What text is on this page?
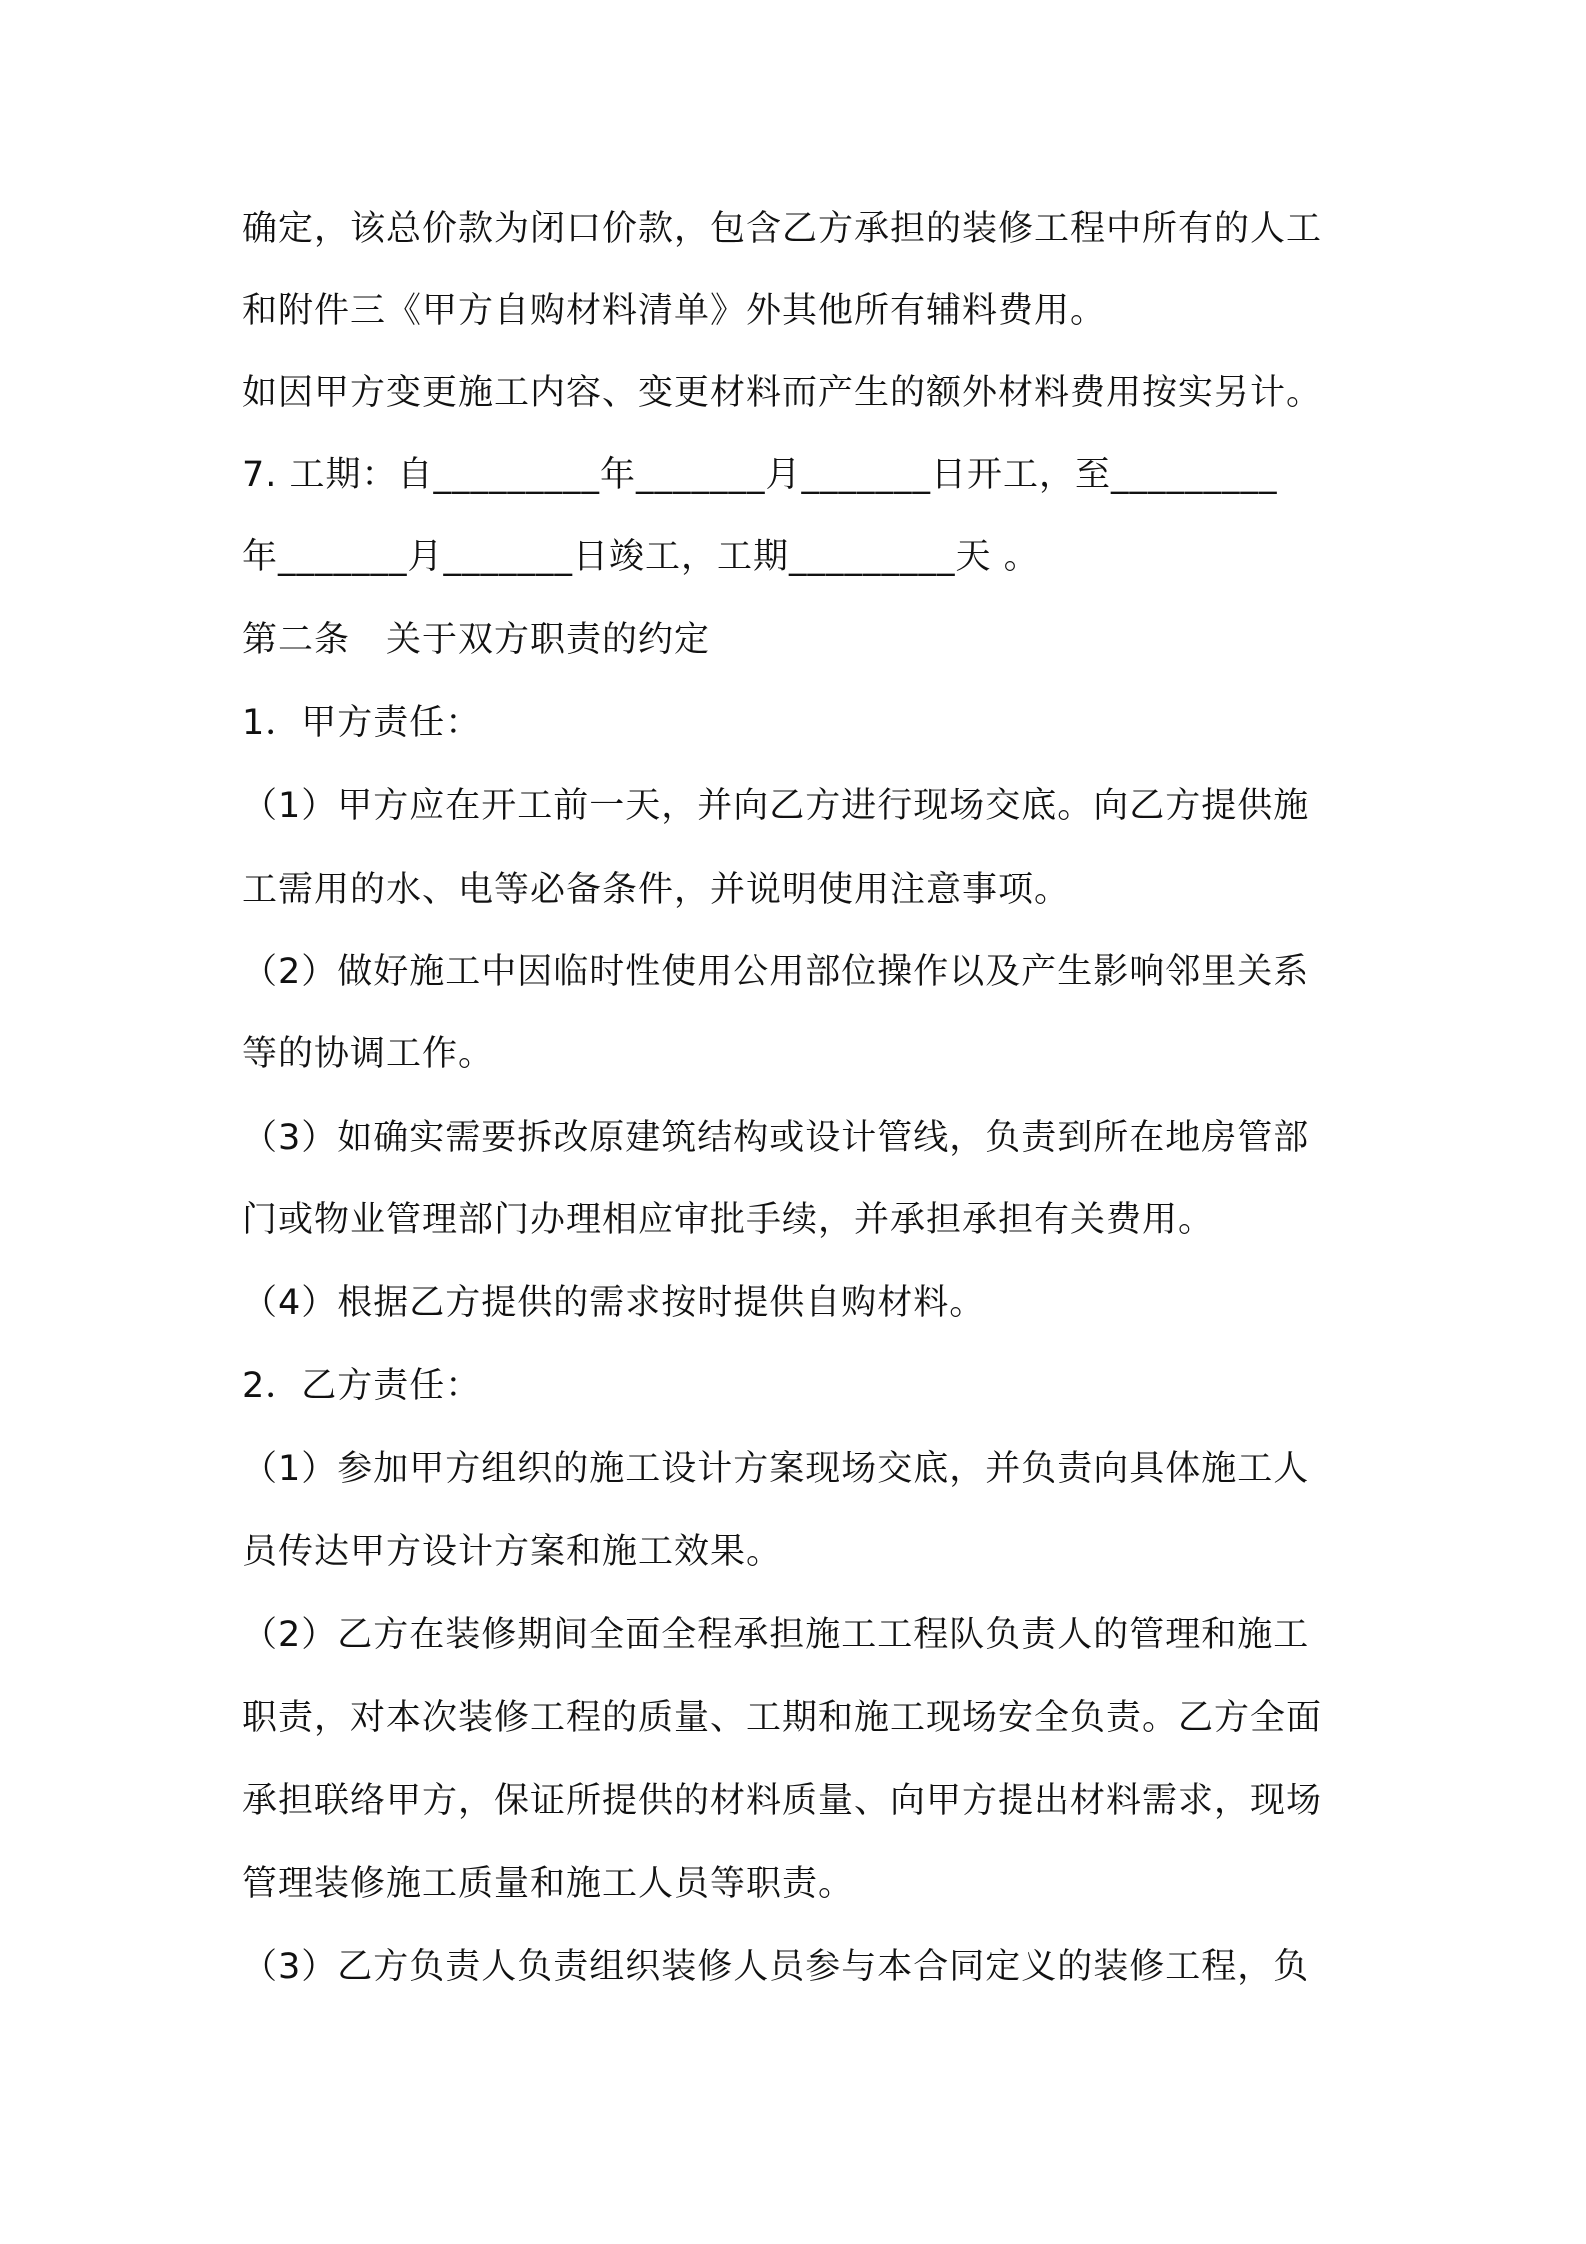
确定，该总价款为闭口价款，包含乙方承担的装修工程中所有的人工
和附件三《甲方自购材料清单》外其他所有辅料费用。
如因甲方变更施工内容、变更材料而产生的额外材料费用按实另计。
7. 工期：自_________年_______月_______日开工，至_________
年_______月_______日竣工，工期_________天 。
第二条　关于双方职责的约定
1．甲方责任：
（1）甲方应在开工前一天，并向乙方进行现场交底。向乙方提供施
工需用的水、电等必备条件，并说明使用注意事项。
（2）做好施工中因临时性使用公用部位操作以及产生影响邻里关系
等的协调工作。
（3）如确实需要拆改原建筑结构或设计管线，负责到所在地房管部
门或物业管理部门办理相应审批手续，并承担承担有关费用。
（4）根据乙方提供的需求按时提供自购材料。
2．乙方责任：
（1）参加甲方组织的施工设计方案现场交底，并负责向具体施工人
员传达甲方设计方案和施工效果。
（2）乙方在装修期间全面全程承担施工工程队负责人的管理和施工
职责，对本次装修工程的质量、工期和施工现场安全负责。乙方全面
承担联络甲方，保证所提供的材料质量、向甲方提出材料需求，现场
管理装修施工质量和施工人员等职责。
（3）乙方负责人负责组织装修人员参与本合同定义的装修工程，负
